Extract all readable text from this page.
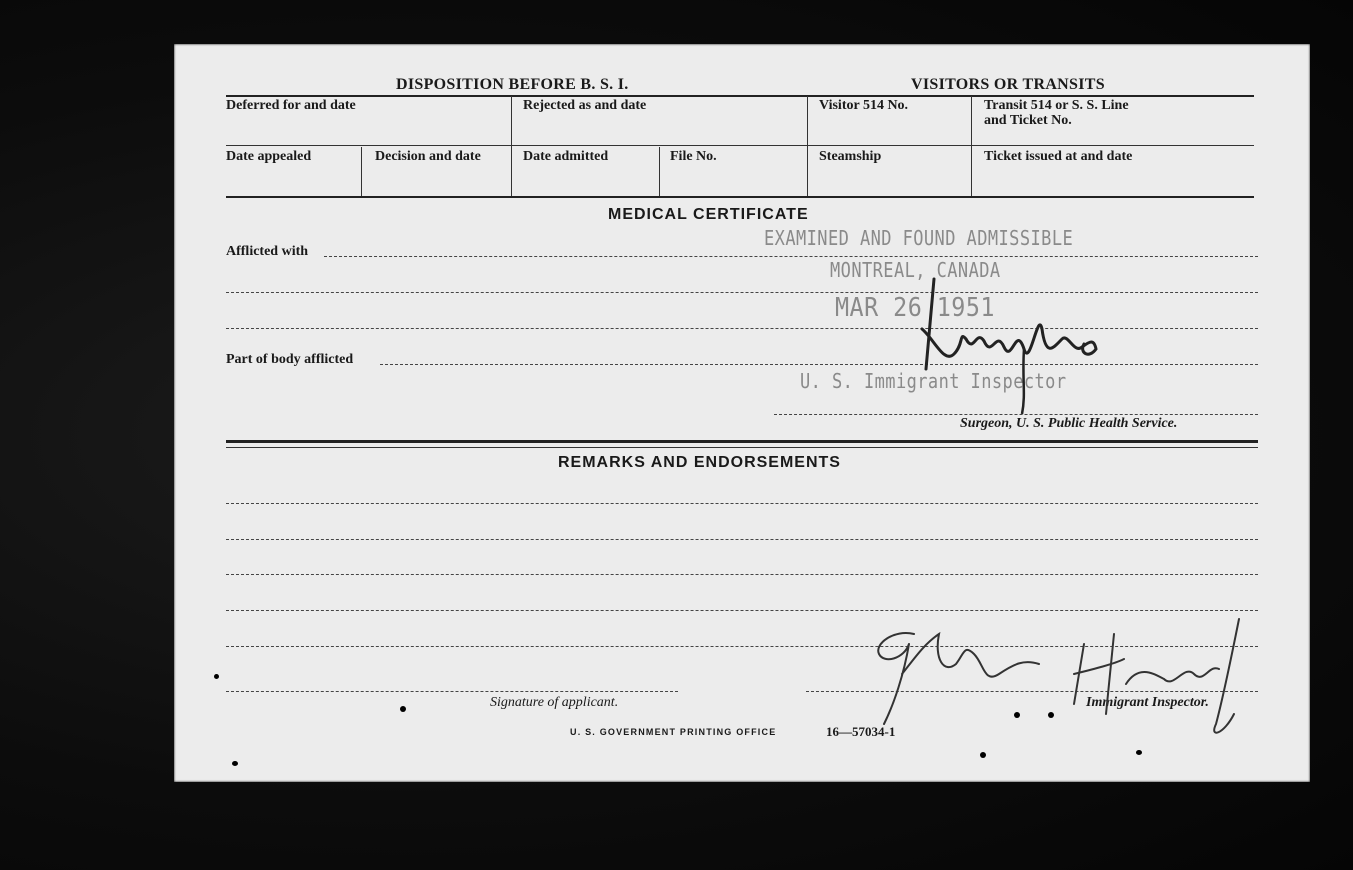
DISPOSITION BEFORE B. S. I.	VISITORS OR TRANSITS
Deferred for and date	Rejected as and date	Visitor 514 No.	Transit 514 or S. S. Line
and Ticket No.
Date appealed	Decision and date	Date admitted	File No.	Steamship	Ticket issued at and date
MEDICAL CERTIFICATE
Afflicted with
Part of body afflicted
Surgeon, U. S. Public Health Service.
EXAMINED AND FOUND ADMISSIBLE
MONTREAL, CANADA
MAR 26 1951
U. S. Immigrant Inspector
REMARKS AND ENDORSEMENTS
Signature of applicant.	Immigrant Inspector.
U. S. GOVERNMENT PRINTING OFFICE	16—57034-1
